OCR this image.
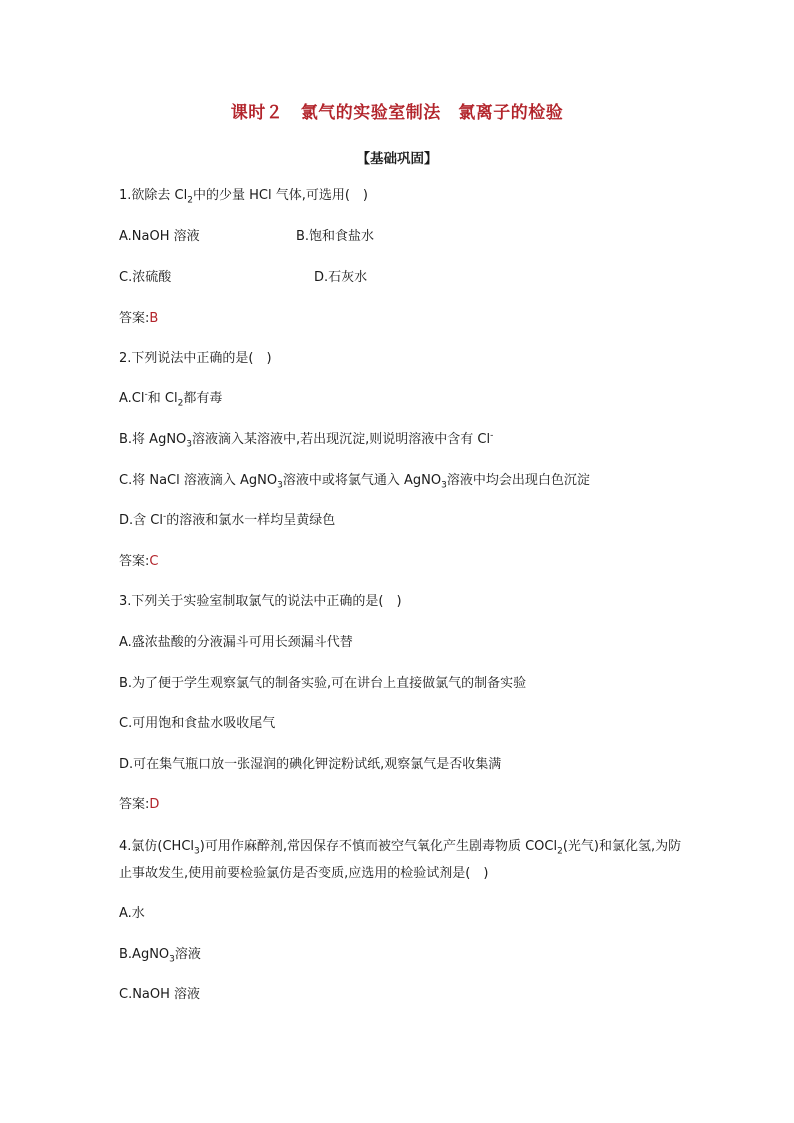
课时２　氯气的实验室制法　氯离子的检验
【基础巩固】
1.欲除去 $Cl_2$中的少量 HCl 气体,可选用(　)
A.NaOH 溶液	B.饱和食盐水
C.浓硫酸	D.石灰水
答案:B
2.下列说法中正确的是(　)
A.Cl-和 $Cl_2$都有毒
B.将 AgNO$_3$溶液滴入某溶液中,若出现沉淀,则说明溶液中含有 Cl-
C.将 NaCl 溶液滴入 AgNO$_3$溶液中或将氯气通入 AgNO$_3$溶液中均会出现白色沉淀
D.含 Cl-的溶液和氯水一样均呈黄绿色
答案:C
3.下列关于实验室制取氯气的说法中正确的是(　)
A.盛浓盐酸的分液漏斗可用长颈漏斗代替
B.为了便于学生观察氯气的制备实验,可在讲台上直接做氯气的制备实验
C.可用饱和食盐水吸收尾气
D.可在集气瓶口放一张湿润的碘化钾淀粉试纸,观察氯气是否收集满
答案:D
4.氯仿(CHCl$_3$)可用作麻醉剂,常因保存不慎而被空气氧化产生剧毒物质 COCl$_2$(光气)和氯化氢,为防止事故发生,使用前要检验氯仿是否变质,应选用的检验试剂是(　)
A.水
B.AgNO$_3$溶液
C.NaOH 溶液
